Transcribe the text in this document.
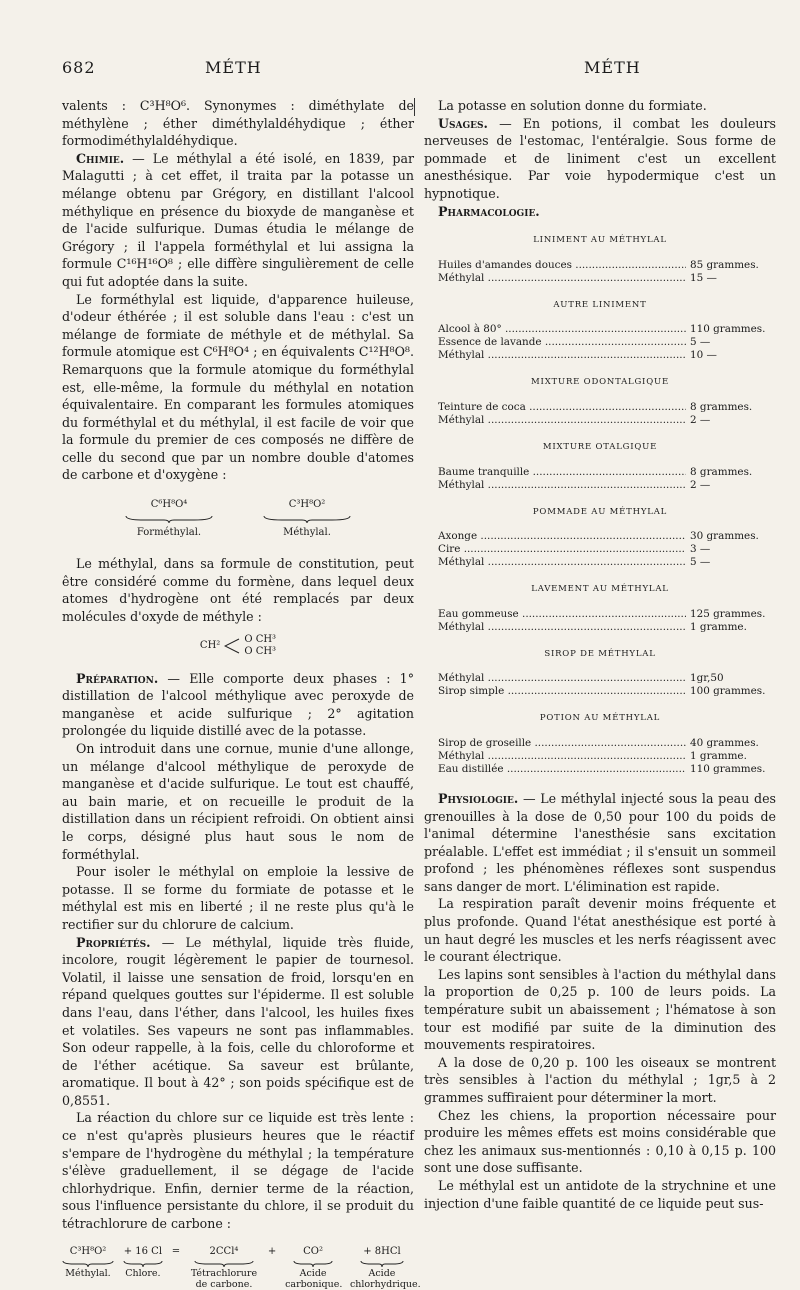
682	MÉTH	MÉTH

valents : C³H⁸O⁶. Synonymes : diméthylate de méthylène ; éther diméthylaldéhydique ; éther formodiméthylaldéhydique.

Chimie. — Le méthylal a été isolé, en 1839, par Malagutti ; à cet effet, il traita par la potasse un mélange obtenu par Grégory, en distillant l'alcool méthylique en présence du bioxyde de manganèse et de l'acide sulfurique. Dumas étudia le mélange de Grégory ; il l'appela forméthylal et lui assigna la formule C¹⁶H¹⁶O⁸ ; elle diffère singulièrement de celle qui fut adoptée dans la suite.

Le forméthylal est liquide, d'apparence huileuse, d'odeur éthérée ; il est soluble dans l'eau : c'est un mélange de formiate de méthyle et de méthylal. Sa formule atomique est C⁶H⁸O⁴ ; en équivalents C¹²H⁸O⁸. Remarquons que la formule atomique du forméthylal est, elle-même, la formule du méthylal en notation équivalentaire. En comparant les formules atomiques du forméthylal et du méthylal, il est facile de voir que la formule du premier de ces composés ne diffère de celle du second que par un nombre double d'atomes de carbone et d'oxygène :

C⁶H⁸O⁴
Forméthylal.
C³H⁸O²
Méthylal.

Le méthylal, dans sa formule de constitution, peut être considéré comme du formène, dans lequel deux atomes d'hydrogène ont été remplacés par deux molécules d'oxyde de méthyle :

CH²
O CH³
O CH³

Préparation. — Elle comporte deux phases : 1° distillation de l'alcool méthylique avec peroxyde de manganèse et acide sulfurique ; 2° agitation prolongée du liquide distillé avec de la potasse.

On introduit dans une cornue, munie d'une allonge, un mélange d'alcool méthylique de peroxyde de manganèse et d'acide sulfurique. Le tout est chauffé, au bain marie, et on recueille le produit de la distillation dans un récipient refroidi. On obtient ainsi le corps, désigné plus haut sous le nom de forméthylal.

Pour isoler le méthylal on emploie la lessive de potasse. Il se forme du formiate de potasse et le méthylal est mis en liberté ; il ne reste plus qu'à le rectifier sur du chlorure de calcium.

Propriétés. — Le méthylal, liquide très fluide, incolore, rougit légèrement le papier de tournesol. Volatil, il laisse une sensation de froid, lorsqu'en en répand quelques gouttes sur l'épiderme. Il est soluble dans l'eau, dans l'éther, dans l'alcool, les huiles fixes et volatiles. Ses vapeurs ne sont pas inflammables. Son odeur rappelle, à la fois, celle du chloroforme et de l'éther acétique. Sa saveur est brûlante, aromatique. Il bout à 42° ; son poids spécifique est de 0,8551.

La réaction du chlore sur ce liquide est très lente : ce n'est qu'après plusieurs heures que le réactif s'empare de l'hydrogène du méthylal ; la température s'élève graduellement, il se dégage de l'acide chlorhydrique. Enfin, dernier terme de la réaction, sous l'influence persistante du chlore, il se produit du tétrachlorure de carbone :

C³H⁸O²
Méthylal.
+ 16 Cl
Chlore.
=	2CCl⁴
Tétrachlorure de carbone.
+	CO²
Acide carbonique.
+ 8HCl
Acide chlorhydrique.

La potasse en solution donne du formiate.

Usages. — En potions, il combat les douleurs nerveuses de l'estomac, l'entéralgie. Sous forme de pommade et de liniment c'est un excellent anesthésique. Par voie hypodermique c'est un hypnotique.

Pharmacologie.

LINIMENT AU MÉTHYLAL
Huiles d'amandes douces .....	85 grammes.
Méthylal .....	15 —
AUTRE LINIMENT
Alcool à 80° .....	110 grammes.
Essence de lavande .....	5 —
Méthylal .....	10 —
MIXTURE ODONTALGIQUE
Teinture de coca .....	8 grammes.
Méthylal .....	2 —
MIXTURE OTALGIQUE
Baume tranquille .....	8 grammes.
Méthylal .....	2 —
POMMADE AU MÉTHYLAL
Axonge .....	30 grammes.
Cire .....	3 —
Méthylal .....	5 —
LAVEMENT AU MÉTHYLAL
Eau gommeuse .....	125 grammes.
Méthylal .....	1 gramme.
SIROP DE MÉTHYLAL
Méthylal .....	1gr,50
Sirop simple .....	100 grammes.
POTION AU MÉTHYLAL
Sirop de groseille .....	40 grammes.
Méthylal .....	1 gramme.
Eau distillée .....	110 grammes.

Physiologie. — Le méthylal injecté sous la peau des grenouilles à la dose de 0,50 pour 100 du poids de l'animal détermine l'anesthésie sans excitation préalable. L'effet est immédiat ; il s'ensuit un sommeil profond ; les phénomènes réflexes sont suspendus sans danger de mort. L'élimination est rapide.

La respiration paraît devenir moins fréquente et plus profonde. Quand l'état anesthésique est porté à un haut degré les muscles et les nerfs réagissent avec le courant électrique.

Les lapins sont sensibles à l'action du méthylal dans la proportion de 0,25 p. 100 de leurs poids. La température subit un abaissement ; l'hématose à son tour est modifié par suite de la diminution des mouvements respiratoires.

A la dose de 0,20 p. 100 les oiseaux se montrent très sensibles à l'action du méthylal ; 1gr,5 à 2 grammes suffiraient pour déterminer la mort.

Chez les chiens, la proportion nécessaire pour produire les mêmes effets est moins considérable que chez les animaux sus-mentionnés : 0,10 à 0,15 p. 100 sont une dose suffisante.

Le méthylal est un antidote de la strychnine et une injection d'une faible quantité de ce liquide peut sus-
